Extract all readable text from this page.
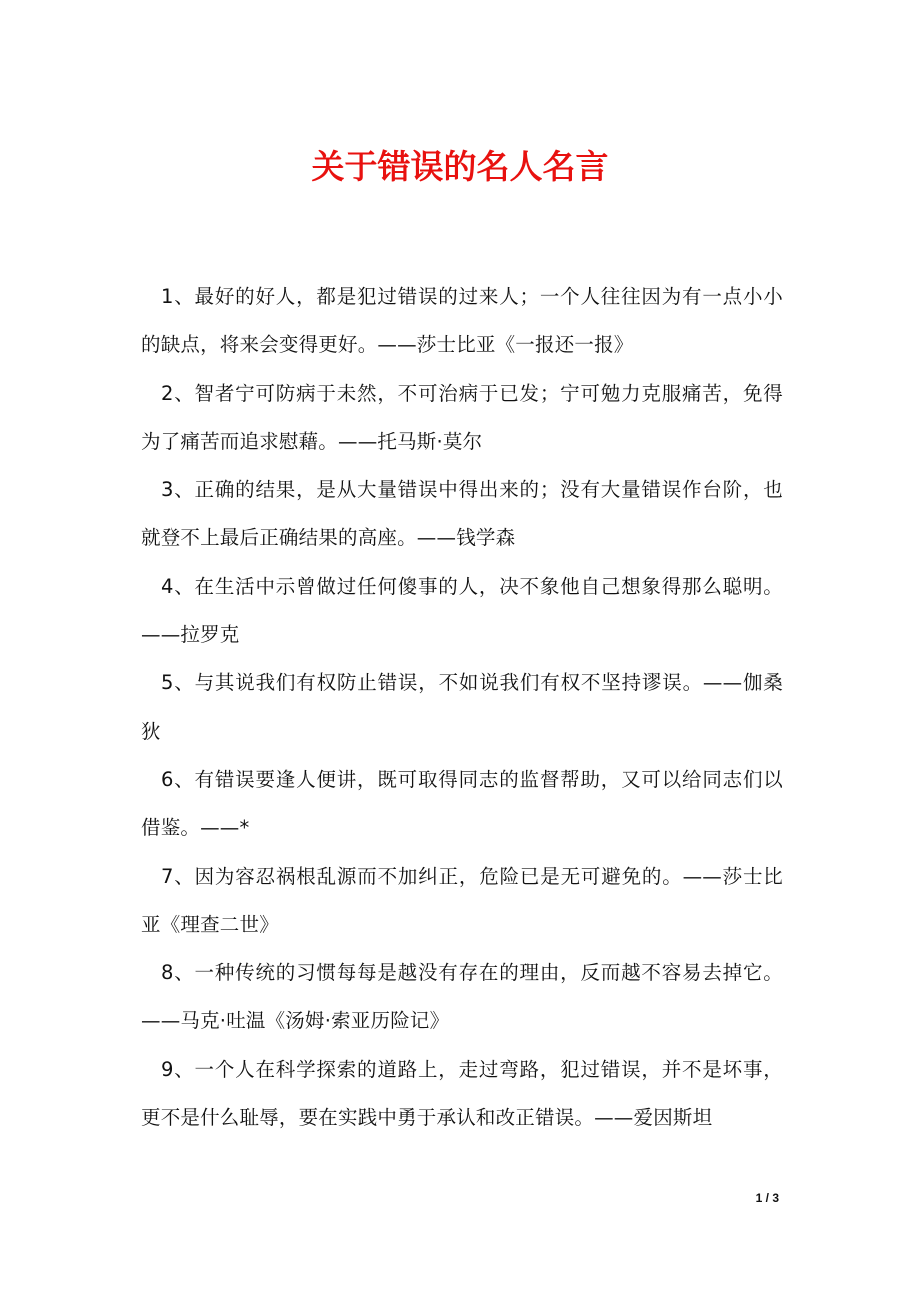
关于错误的名人名言

1、最好的好人，都是犯过错误的过来人；一个人往往因为有一点小小的缺点，将来会变得更好。——莎士比亚《一报还一报》

2、智者宁可防病于未然，不可治病于已发；宁可勉力克服痛苦，免得为了痛苦而追求慰藉。——托马斯·莫尔

3、正确的结果，是从大量错误中得出来的；没有大量错误作台阶，也就登不上最后正确结果的高座。——钱学森

4、在生活中示曾做过任何傻事的人，决不象他自己想象得那么聪明。——拉罗克

5、与其说我们有权防止错误，不如说我们有权不坚持谬误。——伽桑狄

6、有错误要逢人便讲，既可取得同志的监督帮助，又可以给同志们以借鉴。——*

7、因为容忍祸根乱源而不加纠正，危险已是无可避免的。——莎士比亚《理查二世》

8、一种传统的习惯每每是越没有存在的理由，反而越不容易去掉它。——马克·吐温《汤姆·索亚历险记》

9、一个人在科学探索的道路上，走过弯路，犯过错误，并不是坏事，更不是什么耻辱，要在实践中勇于承认和改正错误。——爱因斯坦

1 / 3
